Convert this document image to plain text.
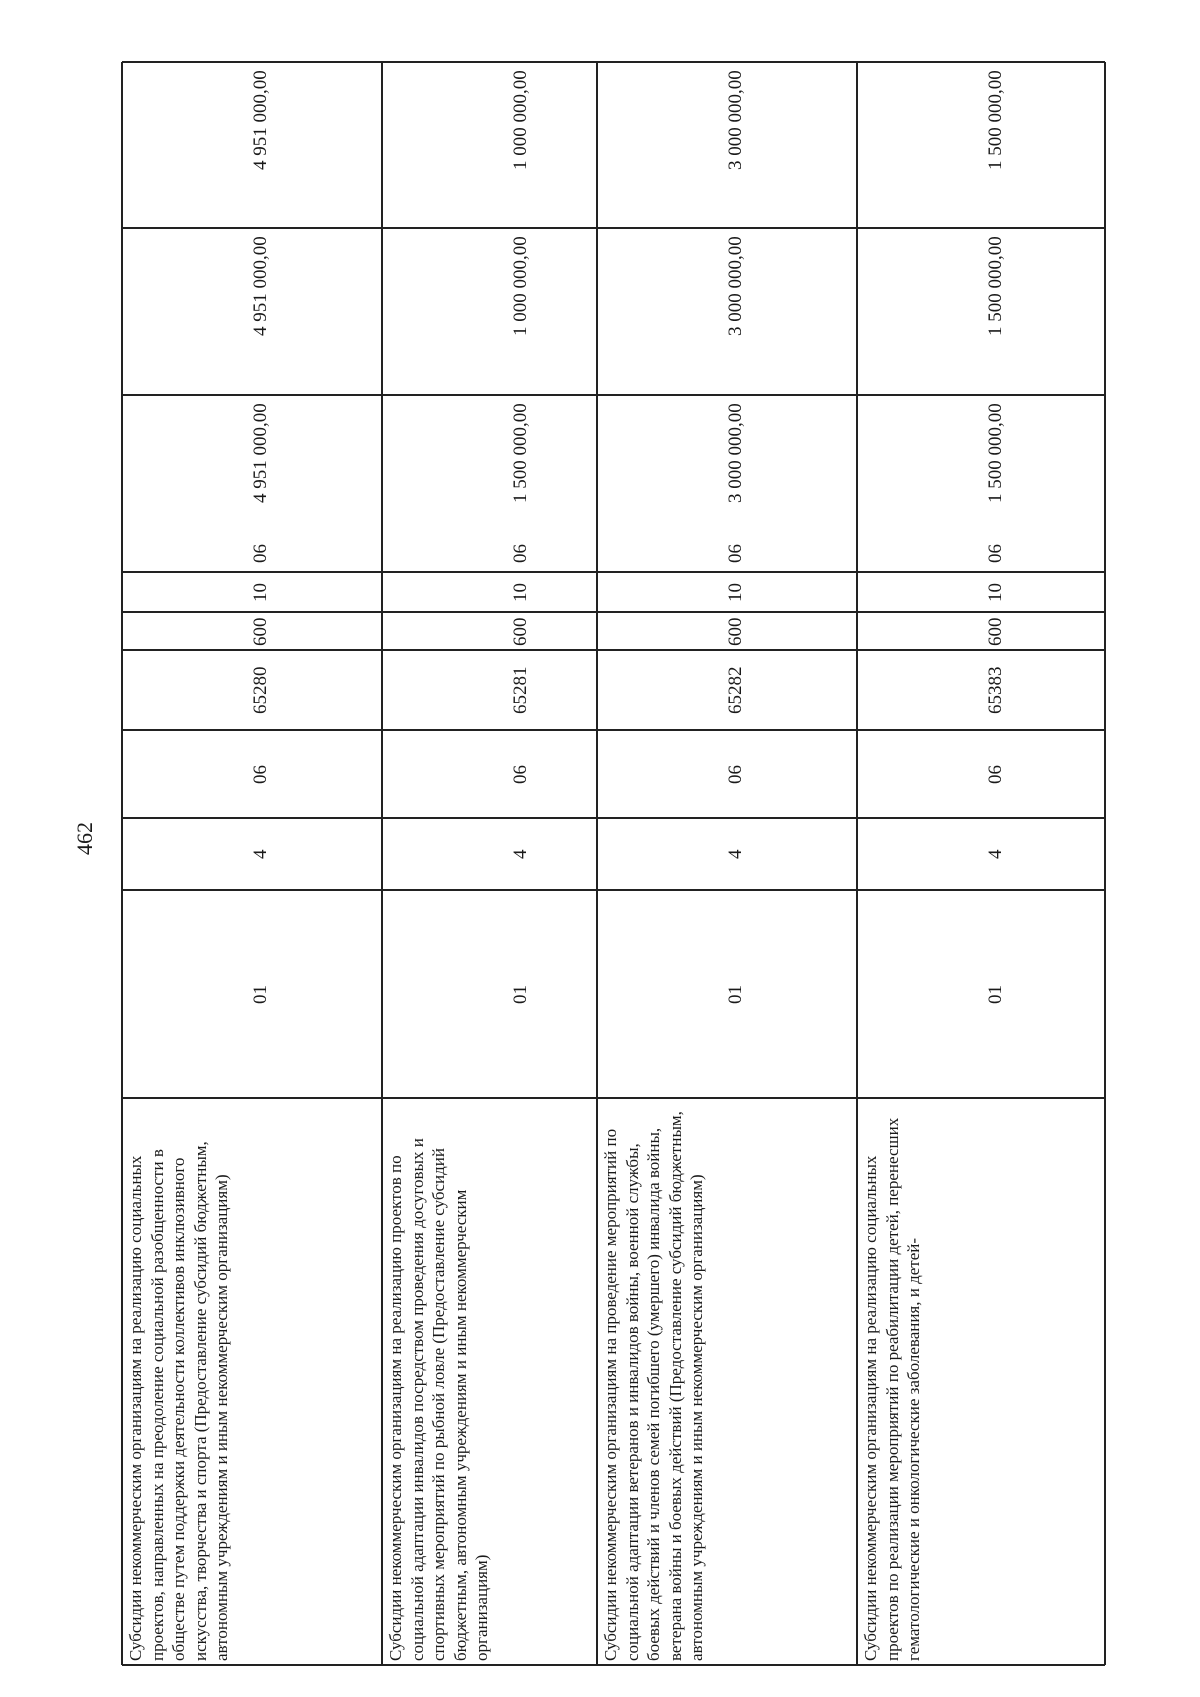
462
Субсидии некоммерческим организациям на реализацию социальных проектов, направленных на преодоление социальной разобщенности в обществе путем поддержки деятельности коллективов инклюзивного искусства, творчества и спорта (Предоставление субсидий бюджетным, автономным учреждениям и иным некоммерческим организациям)
01
4
06
65280
600
10
06
4 951 000,00
4 951 000,00
4 951 000,00
Субсидии некоммерческим организациям на реализацию проектов по социальной адаптации инвалидов посредством проведения досуговых и спортивных мероприятий по рыбной ловле (Предоставление субсидий бюджетным, автономным учреждениям и иным некоммерческим организациям)
01
4
06
65281
600
10
06
1 500 000,00
1 000 000,00
1 000 000,00
Субсидии некоммерческим организациям на проведение мероприятий по социальной адаптации ветеранов и инвалидов войны, военной службы, боевых действий и членов семей погибшего (умершего) инвалида войны, ветерана войны и боевых действий (Предоставление субсидий бюджетным, автономным учреждениям и иным некоммерческим организациям)
01
4
06
65282
600
10
06
3 000 000,00
3 000 000,00
3 000 000,00
Субсидии некоммерческим организациям на реализацию социальных проектов по реализации мероприятий по реабилитации детей, перенесших гематологические и онкологические заболевания, и детей-
01
4
06
65383
600
10
06
1 500 000,00
1 500 000,00
1 500 000,00
